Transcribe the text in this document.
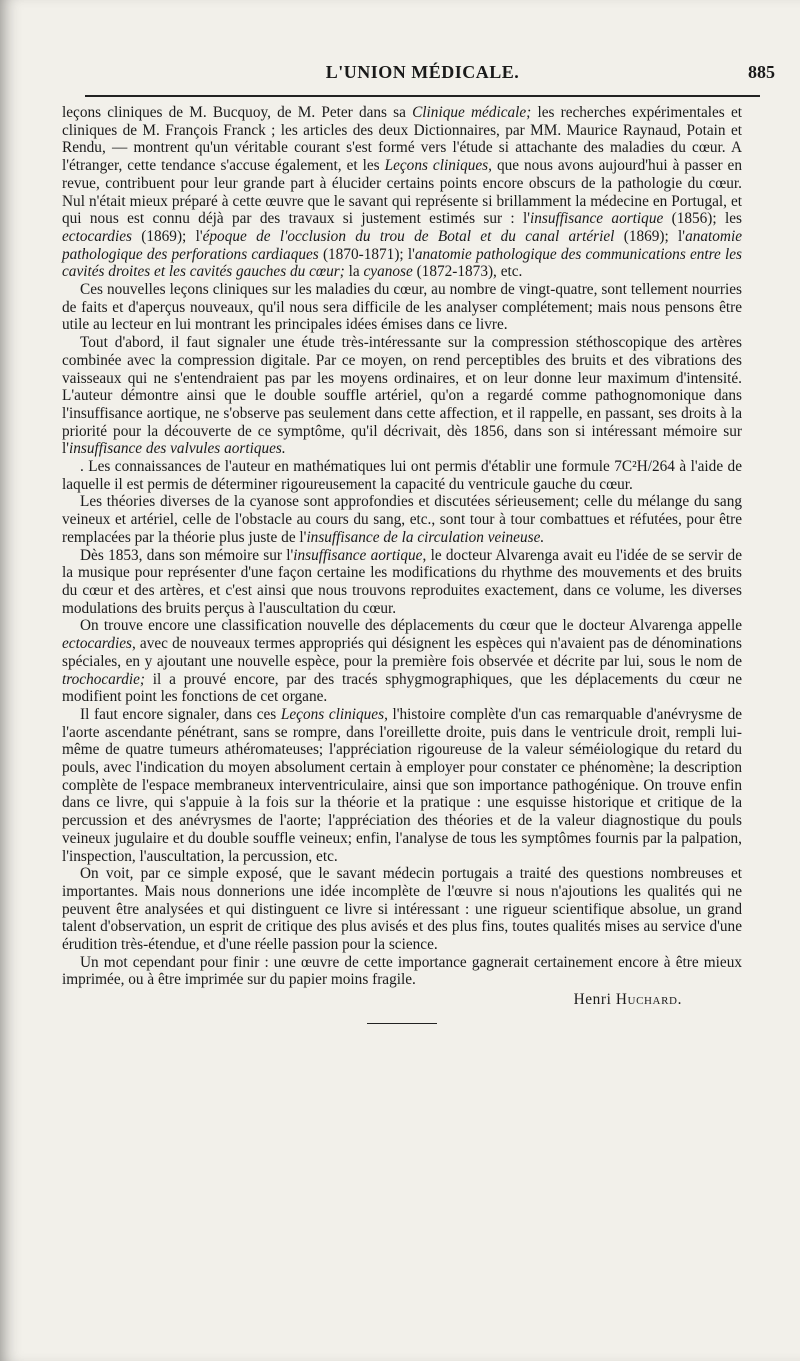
L'UNION MÉDICALE.	885

leçons cliniques de M. Bucquoy, de M. Peter dans sa Clinique médicale; les recherches expérimentales et cliniques de M. François Franck ; les articles des deux Dictionnaires, par MM. Maurice Raynaud, Potain et Rendu, — montrent qu'un véritable courant s'est formé vers l'étude si attachante des maladies du cœur. A l'étranger, cette tendance s'accuse également, et les Leçons cliniques, que nous avons aujourd'hui à passer en revue, contribuent pour leur grande part à élucider certains points encore obscurs de la pathologie du cœur. Nul n'était mieux préparé à cette œuvre que le savant qui représente si brillamment la médecine en Portugal, et qui nous est connu déjà par des travaux si justement estimés sur : l'insuffisance aortique (1856); les ectocardies (1869); l'époque de l'occlusion du trou de Botal et du canal artériel (1869); l'anatomie pathologique des perforations cardiaques (1870-1871); l'anatomie pathologique des communications entre les cavités droites et les cavités gauches du cœur; la cyanose (1872-1873), etc.

Ces nouvelles leçons cliniques sur les maladies du cœur, au nombre de vingt-quatre, sont tellement nourries de faits et d'aperçus nouveaux, qu'il nous sera difficile de les analyser complétement; mais nous pensons être utile au lecteur en lui montrant les principales idées émises dans ce livre.

Tout d'abord, il faut signaler une étude très-intéressante sur la compression stéthoscopique des artères combinée avec la compression digitale. Par ce moyen, on rend perceptibles des bruits et des vibrations des vaisseaux qui ne s'entendraient pas par les moyens ordinaires, et on leur donne leur maximum d'intensité. L'auteur démontre ainsi que le double souffle artériel, qu'on a regardé comme pathognomonique dans l'insuffisance aortique, ne s'observe pas seulement dans cette affection, et il rappelle, en passant, ses droits à la priorité pour la découverte de ce symptôme, qu'il décrivait, dès 1856, dans son si intéressant mémoire sur l'insuffisance des valvules aortiques.

. Les connaissances de l'auteur en mathématiques lui ont permis d'établir une formule 7C²H/264 à l'aide de laquelle il est permis de déterminer rigoureusement la capacité du ventricule gauche du cœur.

Les théories diverses de la cyanose sont approfondies et discutées sérieusement; celle du mélange du sang veineux et artériel, celle de l'obstacle au cours du sang, etc., sont tour à tour combattues et réfutées, pour être remplacées par la théorie plus juste de l'insuffisance de la circulation veineuse.

Dès 1853, dans son mémoire sur l'insuffisance aortique, le docteur Alvarenga avait eu l'idée de se servir de la musique pour représenter d'une façon certaine les modifications du rhythme des mouvements et des bruits du cœur et des artères, et c'est ainsi que nous trouvons reproduites exactement, dans ce volume, les diverses modulations des bruits perçus à l'auscultation du cœur.

On trouve encore une classification nouvelle des déplacements du cœur que le docteur Alvarenga appelle ectocardies, avec de nouveaux termes appropriés qui désignent les espèces qui n'avaient pas de dénominations spéciales, en y ajoutant une nouvelle espèce, pour la première fois observée et décrite par lui, sous le nom de trochocardie; il a prouvé encore, par des tracés sphygmographiques, que les déplacements du cœur ne modifient point les fonctions de cet organe.

Il faut encore signaler, dans ces Leçons cliniques, l'histoire complète d'un cas remarquable d'anévrysme de l'aorte ascendante pénétrant, sans se rompre, dans l'oreillette droite, puis dans le ventricule droit, rempli lui-même de quatre tumeurs athéromateuses; l'appréciation rigoureuse de la valeur séméiologique du retard du pouls, avec l'indication du moyen absolument certain à employer pour constater ce phénomène; la description complète de l'espace membraneux interventriculaire, ainsi que son importance pathogénique. On trouve enfin dans ce livre, qui s'appuie à la fois sur la théorie et la pratique : une esquisse historique et critique de la percussion et des anévrysmes de l'aorte; l'appréciation des théories et de la valeur diagnostique du pouls veineux jugulaire et du double souffle veineux; enfin, l'analyse de tous les symptômes fournis par la palpation, l'inspection, l'auscultation, la percussion, etc.

On voit, par ce simple exposé, que le savant médecin portugais a traité des questions nombreuses et importantes. Mais nous donnerions une idée incomplète de l'œuvre si nous n'ajoutions les qualités qui ne peuvent être analysées et qui distinguent ce livre si intéressant : une rigueur scientifique absolue, un grand talent d'observation, un esprit de critique des plus avisés et des plus fins, toutes qualités mises au service d'une érudition très-étendue, et d'une réelle passion pour la science.

Un mot cependant pour finir : une œuvre de cette importance gagnerait certainement encore à être mieux imprimée, ou à être imprimée sur du papier moins fragile.

Henri Huchard.
